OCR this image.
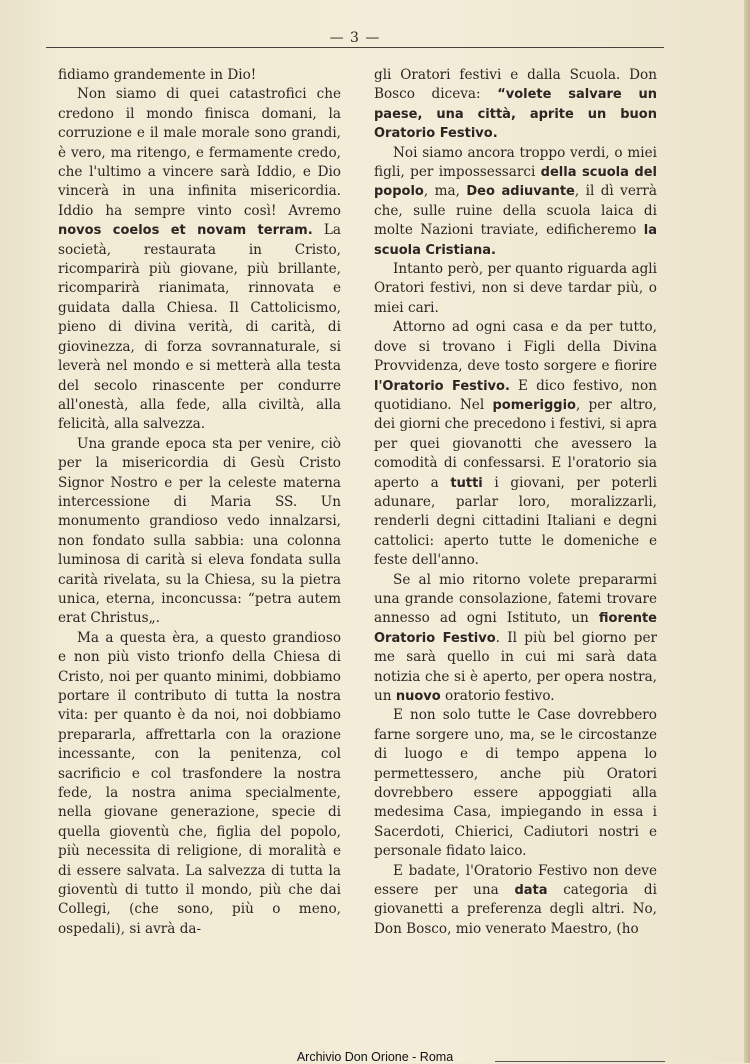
— 3 —

fidiamo grandemente in Dio!

Non siamo di quei catastrofici che credono il mondo finisca domani, la corruzione e il male morale sono grandi, è vero, ma ritengo, e fermamente credo, che l'ultimo a vincere sarà Iddio, e Dio vincerà in una infinita misericordia. Iddio ha sempre vinto così! Avremo novos coelos et novam terram. La società, restaurata in Cristo, ricomparirà più giovane, più brillante, ricomparirà rianimata, rinnovata e guidata dalla Chiesa. Il Cattolicismo, pieno di divina verità, di carità, di giovinezza, di forza sovrannaturale, si leverà nel mondo e si metterà alla testa del secolo rinascente per condurre all'onestà, alla fede, alla civiltà, alla felicità, alla salvezza.

Una grande epoca sta per venire, ciò per la misericordia di Gesù Cristo Signor Nostro e per la celeste materna intercessione di Maria SS. Un monumento grandioso vedo innalzarsi, non fondato sulla sabbia: una colonna luminosa di carità si eleva fondata sulla carità rivelata, su la Chiesa, su la pietra unica, eterna, inconcussa: “petra autem erat Christus„.

Ma a questa èra, a questo grandioso e non più visto trionfo della Chiesa di Cristo, noi per quanto minimi, dobbiamo portare il contributo di tutta la nostra vita: per quanto è da noi, noi dobbiamo prepararla, affrettarla con la orazione incessante, con la penitenza, col sacrificio e col trasfondere la nostra fede, la nostra anima specialmente, nella giovane generazione, specie di quella gioventù che, figlia del popolo, più necessita di religione, di moralità e di essere salvata. La salvezza di tutta la gioventù di tutto il mondo, più che dai Collegi, (che sono, più o meno, ospedali), si avrà da-

gli Oratori festivi e dalla Scuola. Don Bosco diceva: “volete salvare un paese, una città, aprite un buon Oratorio Festivo.

Noi siamo ancora troppo verdi, o miei figli, per impossessarci della scuola del popolo, ma, Deo adiuvante, il dì verrà che, sulle ruine della scuola laica di molte Nazioni traviate, edificheremo la scuola Cristiana.

Intanto però, per quanto riguarda agli Oratori festivi, non si deve tardar più, o miei cari.

Attorno ad ogni casa e da per tutto, dove si trovano i Figli della Divina Provvidenza, deve tosto sorgere e fiorire l'Oratorio Festivo. E dico festivo, non quotidiano. Nel pomeriggio, per altro, dei giorni che precedono i festivi, si apra per quei giovanotti che avessero la comodità di confessarsi. E l'oratorio sia aperto a tutti i giovani, per poterli adunare, parlar loro, moralizzarli, renderli degni cittadini Italiani e degni cattolici: aperto tutte le domeniche e feste dell'anno.

Se al mio ritorno volete prepararmi una grande consolazione, fatemi trovare annesso ad ogni Istituto, un fiorente Oratorio Festivo. Il più bel giorno per me sarà quello in cui mi sarà data notizia che si è aperto, per opera nostra, un nuovo oratorio festivo.

E non solo tutte le Case dovrebbero farne sorgere uno, ma, se le circostanze di luogo e di tempo appena lo permettessero, anche più Oratori dovrebbero essere appoggiati alla medesima Casa, impiegando in essa i Sacerdoti, Chierici, Cadiutori nostri e personale fidato laico.

E badate, l'Oratorio Festivo non deve essere per una data categoria di giovanetti a preferenza degli altri. No, Don Bosco, mio venerato Maestro, (ho

Archivio Don Orione - Roma
